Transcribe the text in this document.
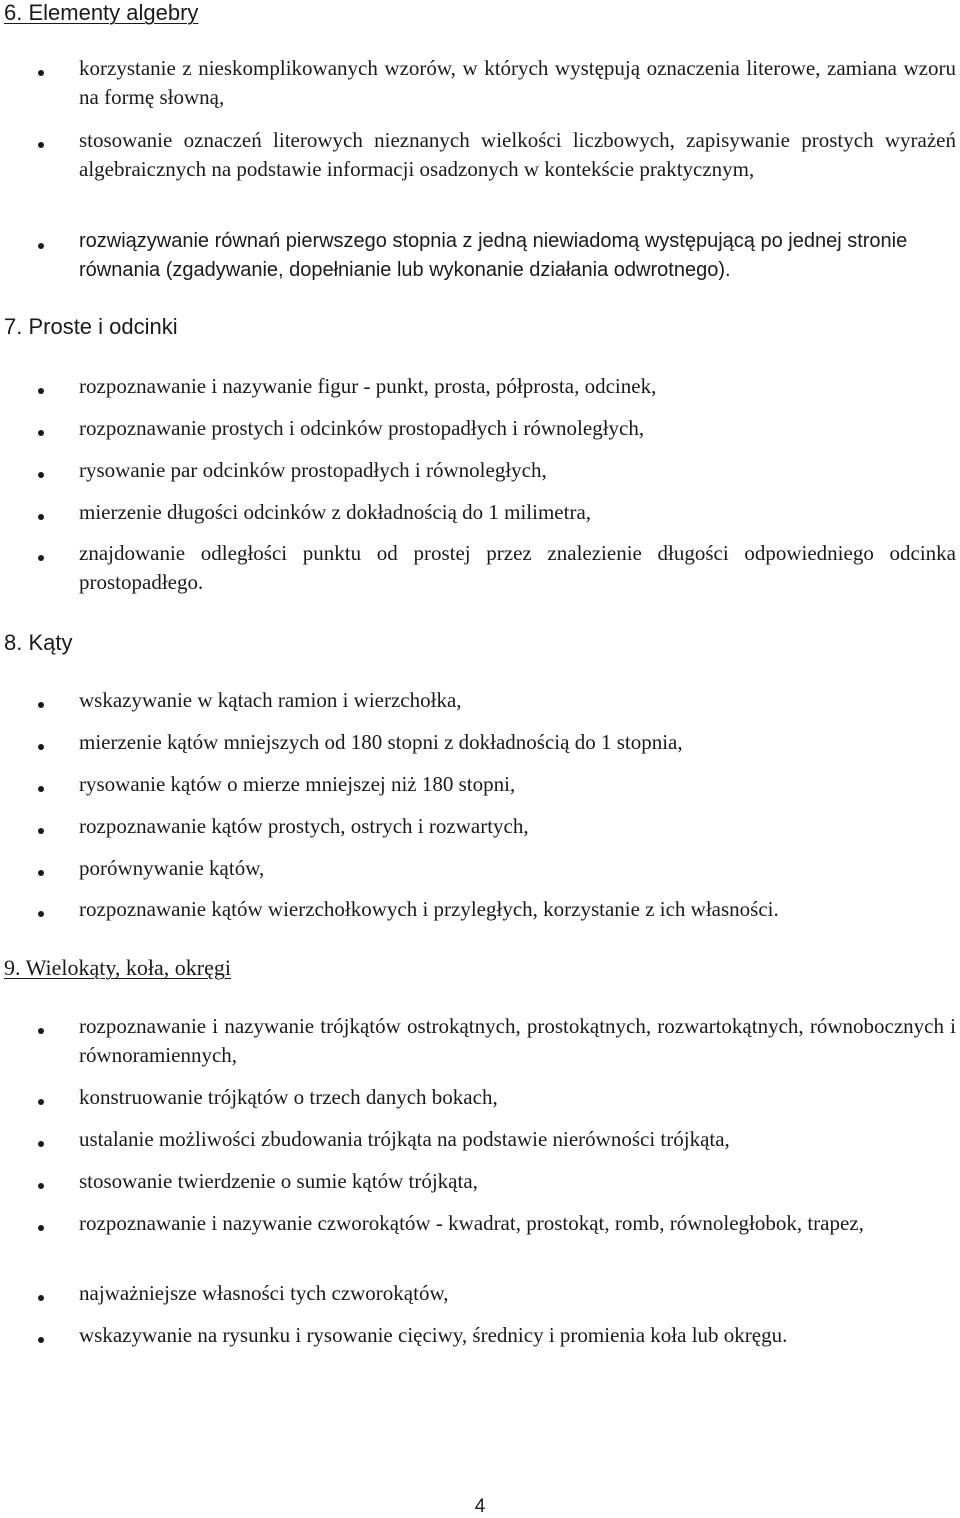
6. Elementy algebry

korzystanie z nieskomplikowanych wzorów, w których występują oznaczenia literowe, zamiana wzoru na formę słowną,

stosowanie oznaczeń literowych nieznanych wielkości liczbowych, zapisywanie prostych wyrażeń algebraicznych na podstawie informacji osadzonych w kontekście praktycznym,

rozwiązywanie równań pierwszego stopnia z jedną niewiadomą występującą po jednej stronie równania (zgadywanie, dopełnianie lub wykonanie działania odwrotnego).

7. Proste i odcinki

rozpoznawanie i nazywanie figur - punkt, prosta, półprosta, odcinek,

rozpoznawanie prostych i odcinków prostopadłych i równoległych,

rysowanie par odcinków prostopadłych i równoległych,

mierzenie długości odcinków z dokładnością do 1 milimetra,

znajdowanie odległości punktu od prostej przez znalezienie długości odpowiedniego odcinka prostopadłego.

8. Kąty

wskazywanie w kątach ramion i wierzchołka,

mierzenie kątów mniejszych od 180 stopni z dokładnością do 1 stopnia,

rysowanie kątów o mierze mniejszej niż 180 stopni,

rozpoznawanie kątów prostych, ostrych i rozwartych,

porównywanie kątów,

rozpoznawanie kątów wierzchołkowych i przyległych, korzystanie z ich własności.

9. Wielokąty, koła, okręgi

rozpoznawanie i nazywanie trójkątów ostrokątnych, prostokątnych, rozwartokątnych, równobocznych i równoramiennych,

konstruowanie trójkątów o trzech danych bokach,

ustalanie możliwości zbudowania trójkąta na podstawie nierówności trójkąta,

stosowanie twierdzenie o sumie kątów trójkąta,

rozpoznawanie i nazywanie czworokątów - kwadrat, prostokąt, romb, równoległobok, trapez,

najważniejsze własności tych czworokątów,

wskazywanie na rysunku i rysowanie cięciwy, średnicy i promienia koła lub okręgu.

4
